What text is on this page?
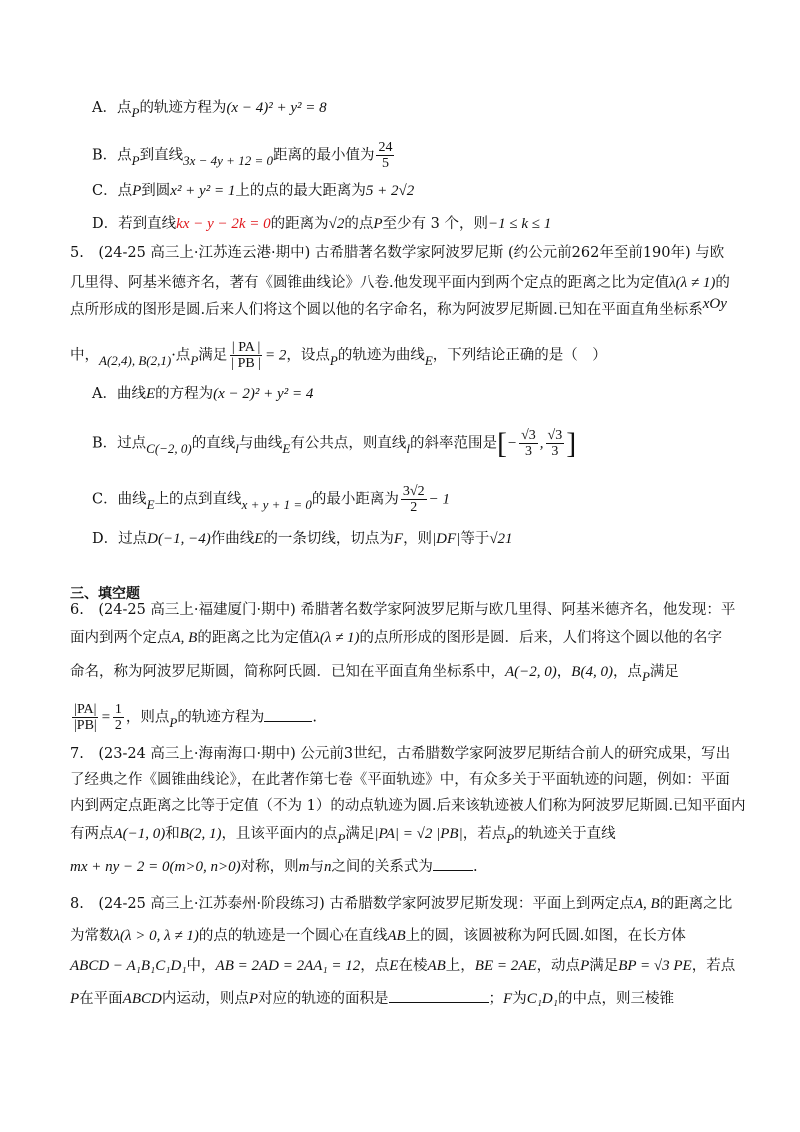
A．点P的轨迹方程为(x − 4)² + y² = 8
B．点P到直线3x − 4y + 12 = 0距离的最小值为 $\frac{24}{5}$
C．点P到圆x² + y² = 1上的点的最大距离为5 + 2√2
D．若到直线kx − y − 2k = 0的距离为√2的点P至少有 3 个，则−1 ≤ k ≤ 1
5.　(24-25 高三上·江苏连云港·期中) 古希腊著名数学家阿波罗尼斯 (约公元前262年至前190年) 与欧
几里得、阿基米德齐名，著有《圆锥曲线论》八卷.他发现平面内到两个定点的距离之比为定值λ(λ ≠ 1)的
点所形成的图形是圆.后来人们将这个圆以他的名字命名，称为阿波罗尼斯圆.已知在平面直角坐标系xOy
中，A(2,4), B(2,1)·点P满足 $\frac{| PA |}{| PB |} = 2$，设点P的轨迹为曲线E，下列结论正确的是（　）
A．曲线E的方程为(x − 2)² + y² = 4
B．过点C(−2, 0)的直线l与曲线E有公共点，则直线l的斜率范围是[− $\frac{√3}{3}$ , $\frac{√3}{3}$ ]
C．曲线E上的点到直线x + y + 1 = 0的最小距离为 $\frac{3√2}{2} - 1$
D．过点D(−1, −4)作曲线E的一条切线，切点为F，则|DF|等于√21
三、填空题
6.　(24-25 高三上·福建厦门·期中) 希腊著名数学家阿波罗尼斯与欧几里得、阿基米德齐名，他发现：平
面内到两个定点A, B的距离之比为定值λ(λ ≠ 1)的点所形成的图形是圆．后来，人们将这个圆以他的名字
命名，称为阿波罗尼斯圆，简称阿氏圆．已知在平面直角坐标系中，A(−2, 0)，B(4, 0)，点P满足
$\frac{|PA|}{|PB|} = \frac{1}{2}$ ，则点P的轨迹方程为	.
7.　(23-24 高三上·海南海口·期中) 公元前3世纪，古希腊数学家阿波罗尼斯结合前人的研究成果，写出
了经典之作《圆锥曲线论》，在此著作第七卷《平面轨迹》中，有众多关于平面轨迹的问题，例如：平面
内到两定点距离之比等于定值（不为 1）的动点轨迹为圆.后来该轨迹被人们称为阿波罗尼斯圆.已知平面内
有两点A(−1, 0)和B(2, 1)，且该平面内的点P满足|PA| = √2 |PB|，若点P的轨迹关于直线
mx + ny − 2 = 0(m>0, n>0)对称，则m与n之间的关系式为	.
8.　(24-25 高三上·江苏泰州·阶段练习) 古希腊数学家阿波罗尼斯发现：平面上到两定点A, B的距离之比
为常数λ(λ > 0, λ ≠ 1)的点的轨迹是一个圆心在直线AB上的圆，该圆被称为阿氏圆.如图，在长方体
ABCD − A₁B₁C₁D₁中，AB = 2AD = 2AA₁ = 12，点E在棱AB上，BE = 2AE，动点P满足BP = √3 PE，若点
P在平面ABCD内运动，则点P对应的轨迹的面积是	；F为C₁D₁的中点，则三棱锥
